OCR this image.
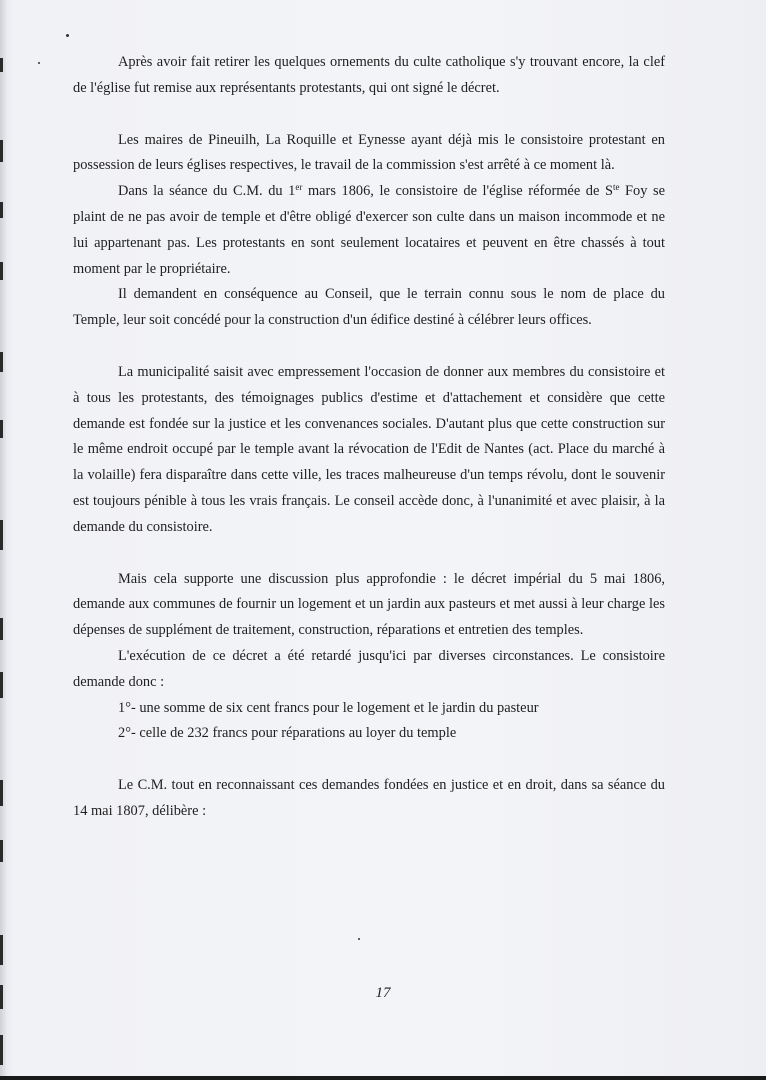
Après avoir fait retirer les quelques ornements du culte catholique s'y trouvant encore, la clef de l'église fut remise aux représentants protestants, qui ont signé le décret.

Les maires de Pineuilh, La Roquille et Eynesse ayant déjà mis le consistoire protestant en possession de leurs églises respectives, le travail de la commission s'est arrêté à ce moment là.

Dans la séance du C.M. du 1er mars 1806, le consistoire de l'église réformée de $S^{te}$ Foy se plaint de ne pas avoir de temple et d'être obligé d'exercer son culte dans un maison incommode et ne lui appartenant pas. Les protestants en sont seulement locataires et peuvent en être chassés à tout moment par le propriétaire.

Il demandent en conséquence au Conseil, que le terrain connu sous le nom de place du Temple, leur soit concédé pour la construction d'un édifice destiné à célébrer leurs offices.

La municipalité saisit avec empressement l'occasion de donner aux membres du consistoire et à tous les protestants, des témoignages publics d'estime et d'attachement et considère que cette demande est fondée sur la justice et les convenances sociales. D'autant plus que cette construction sur le même endroit occupé par le temple avant la révocation de l'Edit de Nantes (act. Place du marché à la volaille) fera disparaître dans cette ville, les traces malheureuse d'un temps révolu, dont le souvenir est toujours pénible à tous les vrais français. Le conseil accède donc, à l'unanimité et avec plaisir, à la demande du consistoire.

Mais cela supporte une discussion plus approfondie : le décret impérial du 5 mai 1806, demande aux communes de fournir un logement et un jardin aux pasteurs et met aussi à leur charge les dépenses de supplément de traitement, construction, réparations et entretien des temples.

L'exécution de ce décret a été retardé jusqu'ici par diverses circonstances. Le consistoire demande donc :

1°- une somme de six cent francs pour le logement et le jardin du pasteur

2°- celle de 232 francs pour réparations au loyer du temple

Le C.M. tout en reconnaissant ces demandes fondées en justice et en droit, dans sa séance du 14 mai 1807, délibère :

17
